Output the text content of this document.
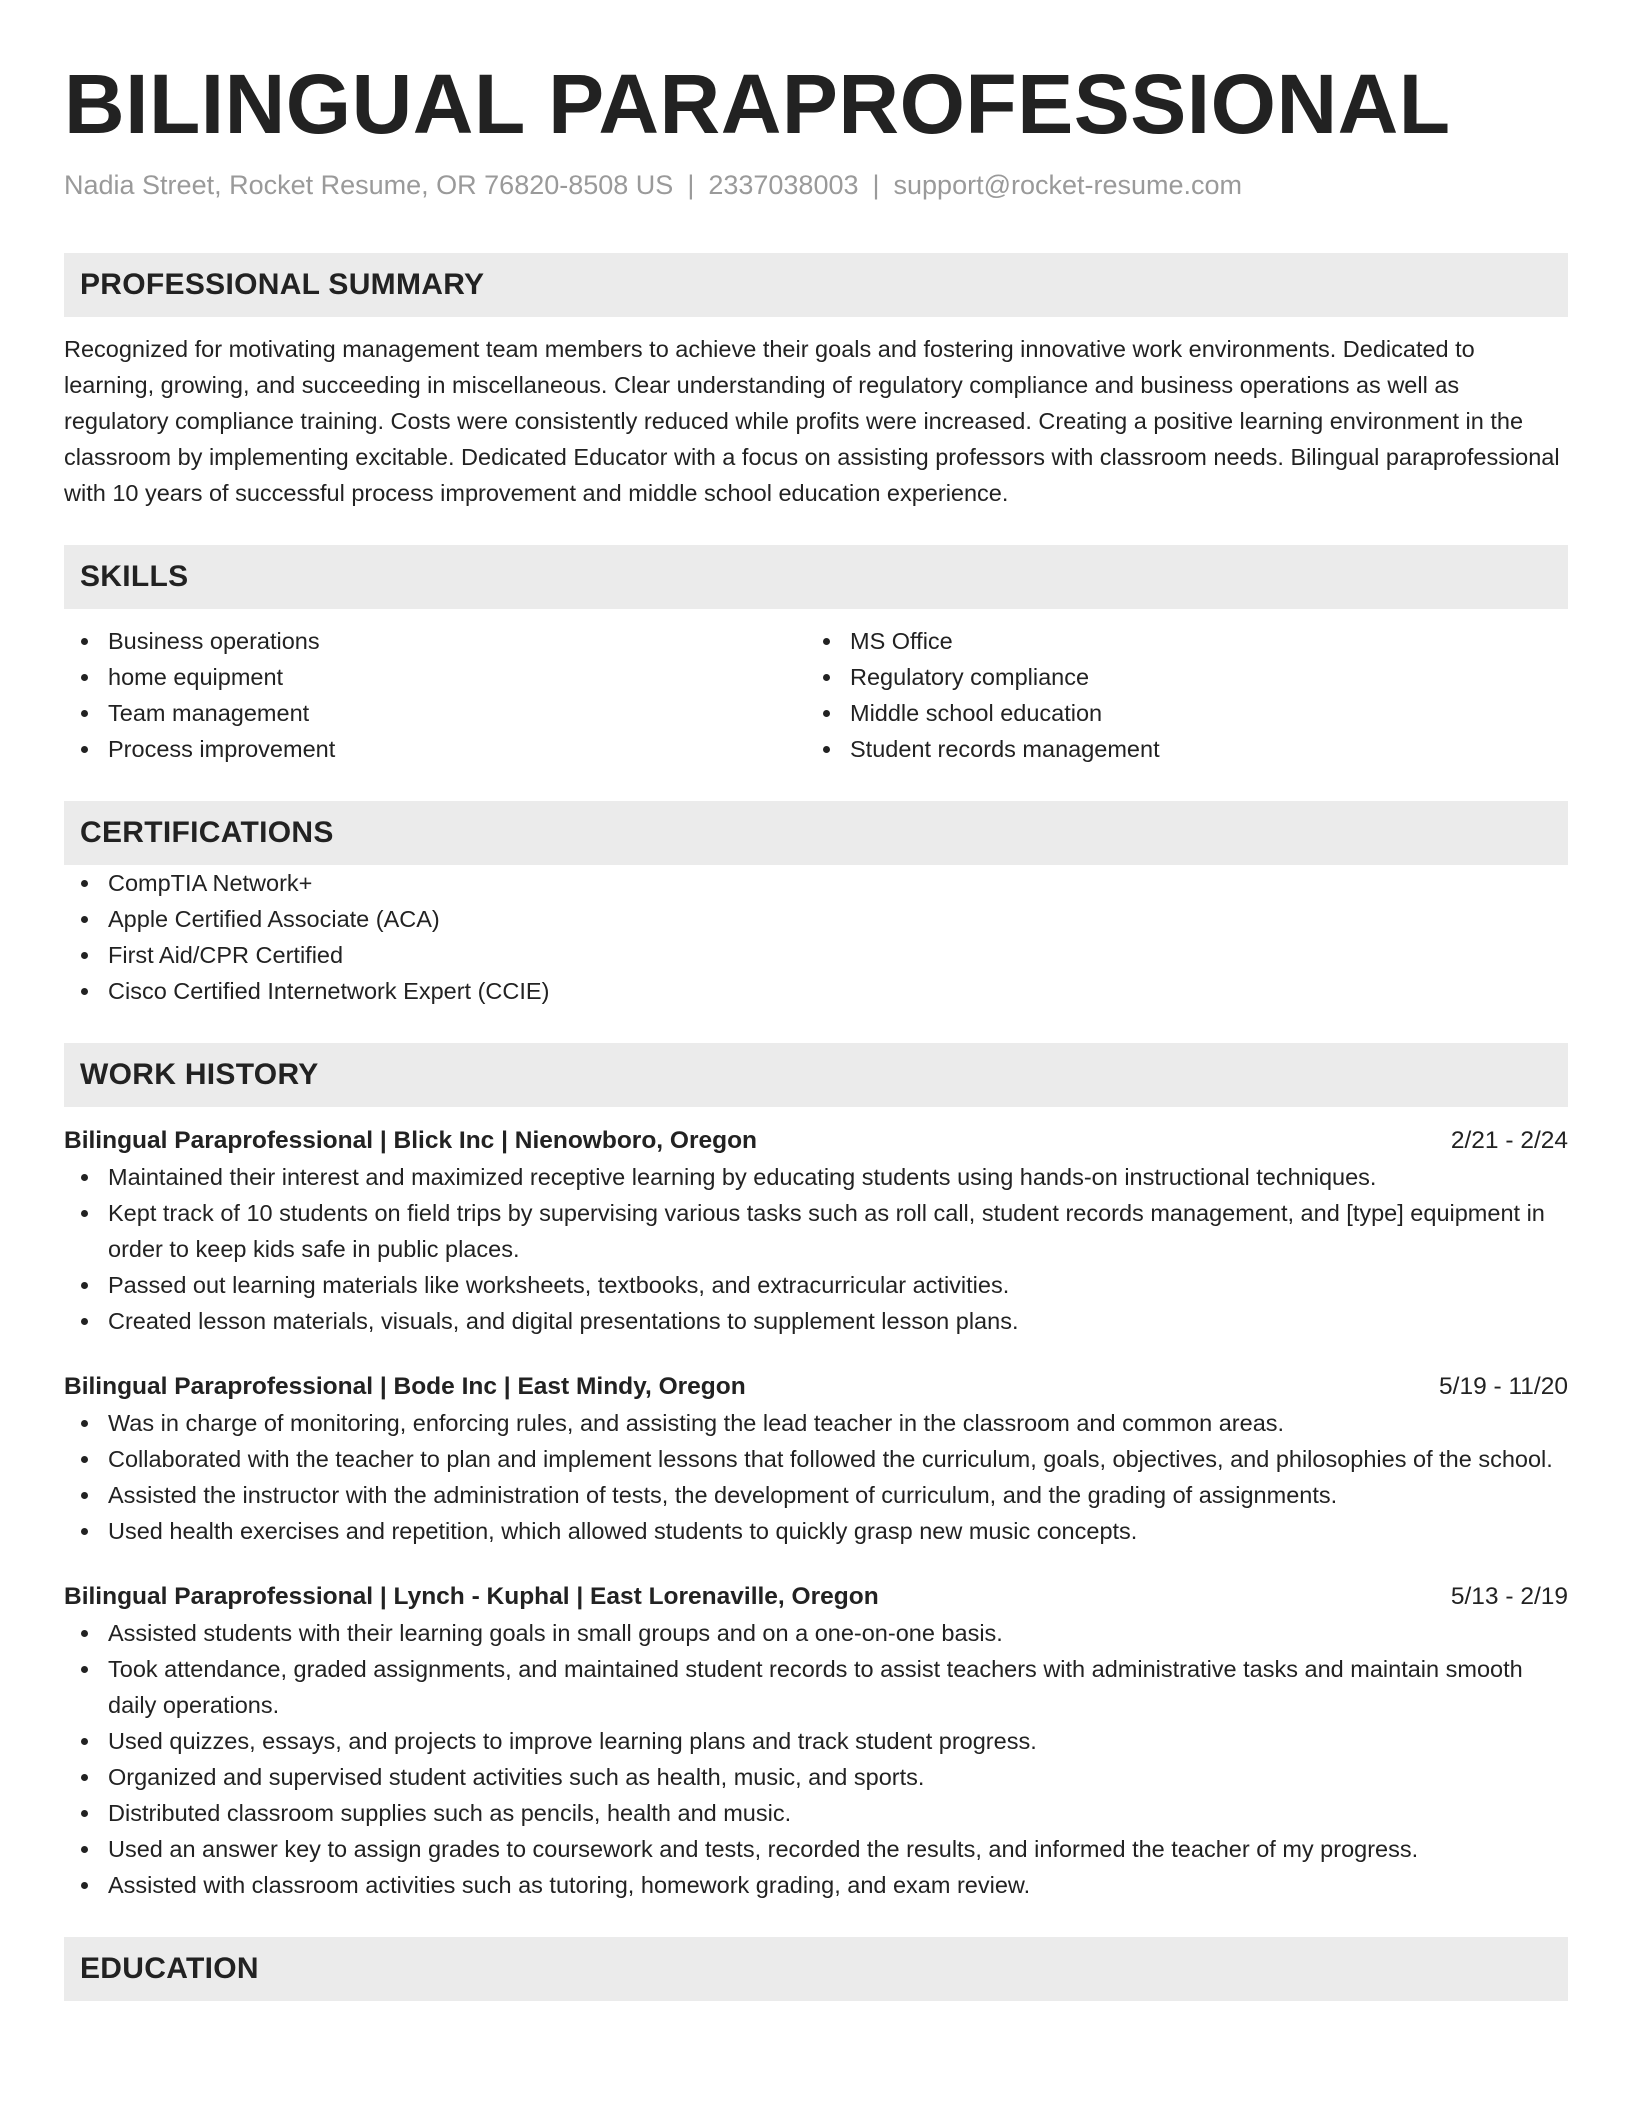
BILINGUAL PARAPROFESSIONAL
Nadia Street, Rocket Resume, OR 76820-8508 US | 2337038003 | support@rocket-resume.com
PROFESSIONAL SUMMARY
Recognized for motivating management team members to achieve their goals and fostering innovative work environments. Dedicated to learning, growing, and succeeding in miscellaneous. Clear understanding of regulatory compliance and business operations as well as regulatory compliance training. Costs were consistently reduced while profits were increased. Creating a positive learning environment in the classroom by implementing excitable. Dedicated Educator with a focus on assisting professors with classroom needs. Bilingual paraprofessional with 10 years of successful process improvement and middle school education experience.
SKILLS
Business operations
home equipment
Team management
Process improvement
MS Office
Regulatory compliance
Middle school education
Student records management
CERTIFICATIONS
CompTIA Network+
Apple Certified Associate (ACA)
First Aid/CPR Certified
Cisco Certified Internetwork Expert (CCIE)
WORK HISTORY
Bilingual Paraprofessional | Blick Inc | Nienowboro, Oregon	2/21 - 2/24
Maintained their interest and maximized receptive learning by educating students using hands-on instructional techniques.
Kept track of 10 students on field trips by supervising various tasks such as roll call, student records management, and [type] equipment in order to keep kids safe in public places.
Passed out learning materials like worksheets, textbooks, and extracurricular activities.
Created lesson materials, visuals, and digital presentations to supplement lesson plans.
Bilingual Paraprofessional | Bode Inc | East Mindy, Oregon	5/19 - 11/20
Was in charge of monitoring, enforcing rules, and assisting the lead teacher in the classroom and common areas.
Collaborated with the teacher to plan and implement lessons that followed the curriculum, goals, objectives, and philosophies of the school.
Assisted the instructor with the administration of tests, the development of curriculum, and the grading of assignments.
Used health exercises and repetition, which allowed students to quickly grasp new music concepts.
Bilingual Paraprofessional | Lynch - Kuphal | East Lorenaville, Oregon	5/13 - 2/19
Assisted students with their learning goals in small groups and on a one-on-one basis.
Took attendance, graded assignments, and maintained student records to assist teachers with administrative tasks and maintain smooth daily operations.
Used quizzes, essays, and projects to improve learning plans and track student progress.
Organized and supervised student activities such as health, music, and sports.
Distributed classroom supplies such as pencils, health and music.
Used an answer key to assign grades to coursework and tests, recorded the results, and informed the teacher of my progress.
Assisted with classroom activities such as tutoring, homework grading, and exam review.
EDUCATION
